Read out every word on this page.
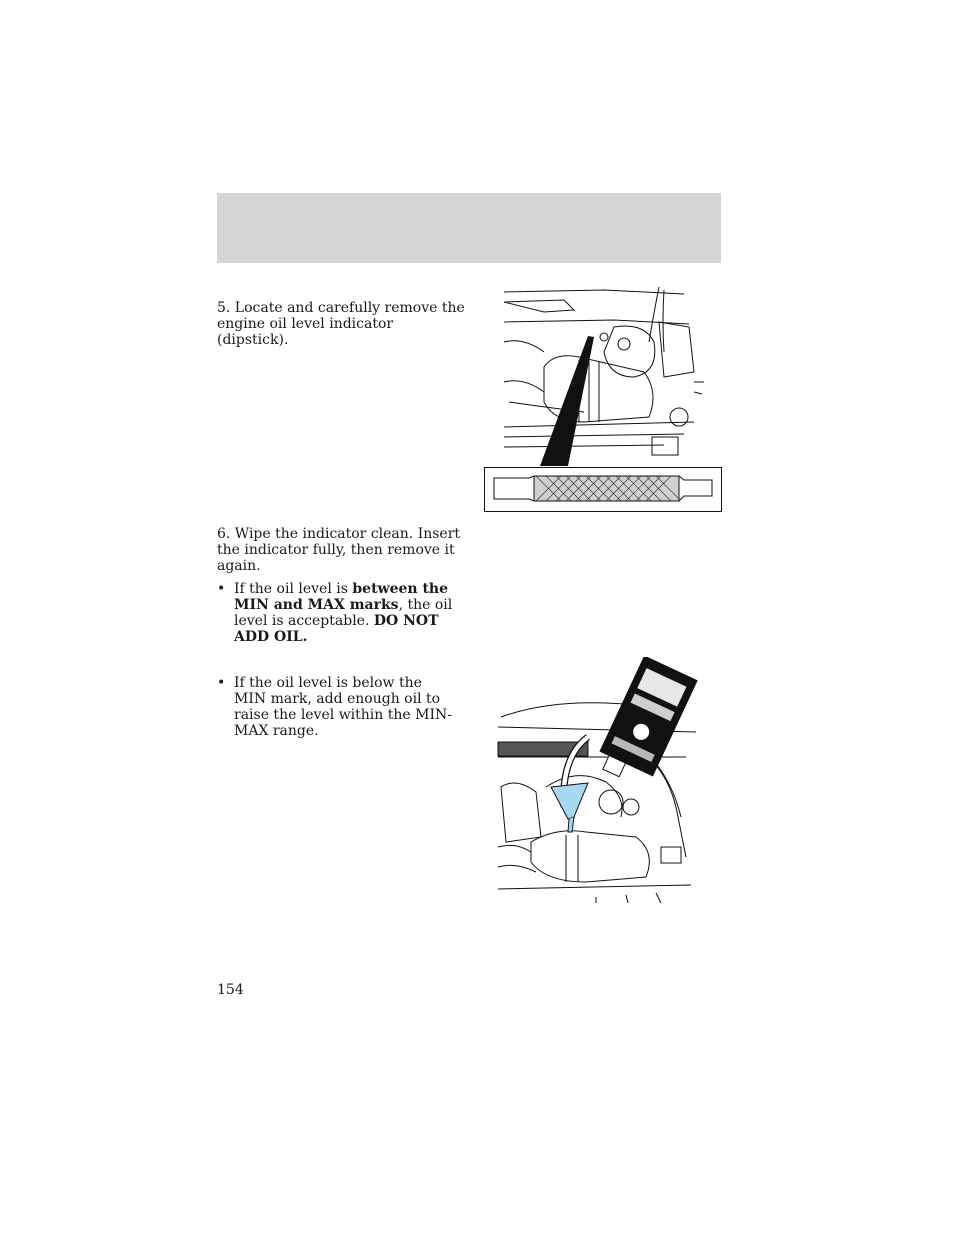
5. Locate and carefully remove the engine oil level indicator (dipstick).
6. Wipe the indicator clean. Insert the indicator fully, then remove it again.
• If the oil level is between the MIN and MAX marks, the oil level is acceptable. DO NOT ADD OIL.
• If the oil level is below the MIN mark, add enough oil to raise the level within the MIN-MAX range.
154
